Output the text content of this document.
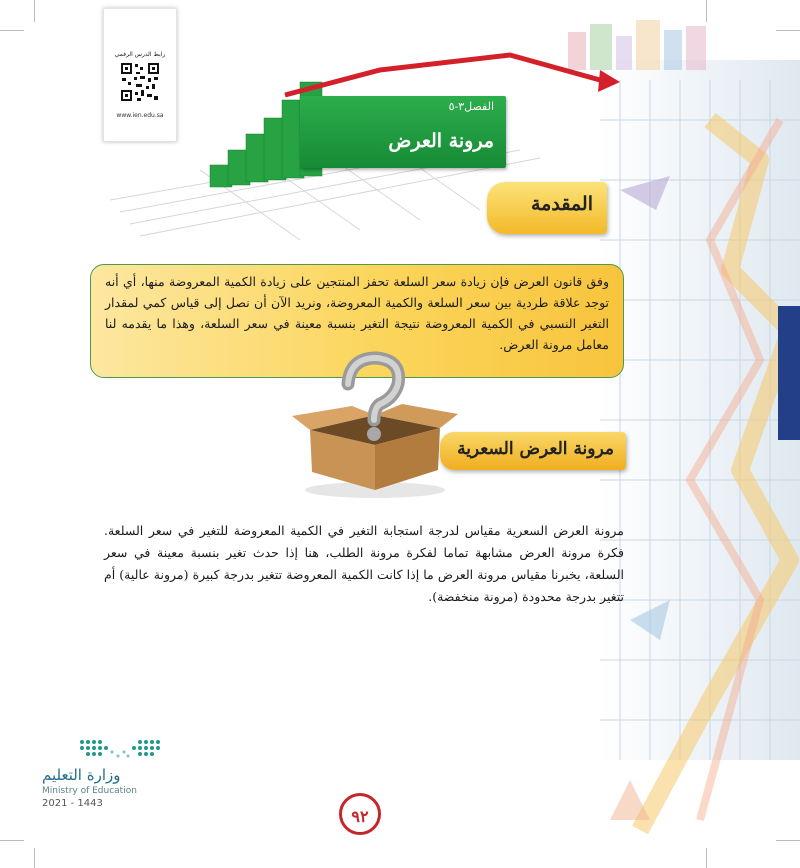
رابط الدرس الرقمي
www.ien.edu.sa
الفصل٣-٥
مرونة العرض
المقدمة
وفق قانون العرض فإن زيادة سعر السلعة تحفز المنتجين على زيادة الكمية المعروضة منها، أي أنه توجد علاقة طردية بين سعر السلعة والكمية المعروضة، ونريد الآن أن نصل إلى قياس كمي لمقدار التغير النسبي في الكمية المعروضة نتيجة التغير بنسبة معينة في سعر السلعة، وهذا ما يقدمه لنا معامل مرونة العرض.
مرونة العرض السعرية
مرونة العرض السعرية مقياس لدرجة استجابة التغير في الكمية المعروضة للتغير في سعر السلعة. فكرة مرونة العرض مشابهة تماما لفكرة مرونة الطلب، هنا إذا حدث تغير بنسبة معينة في سعر السلعة، يخبرنا مقياس مرونة العرض ما إذا كانت الكمية المعروضة تتغير بدرجة كبيرة (مرونة عالية) أم تتغير بدرجة محدودة (مرونة منخفضة).
وزارة التعليم
Ministry of Education
2021 - 1443
٩٢
